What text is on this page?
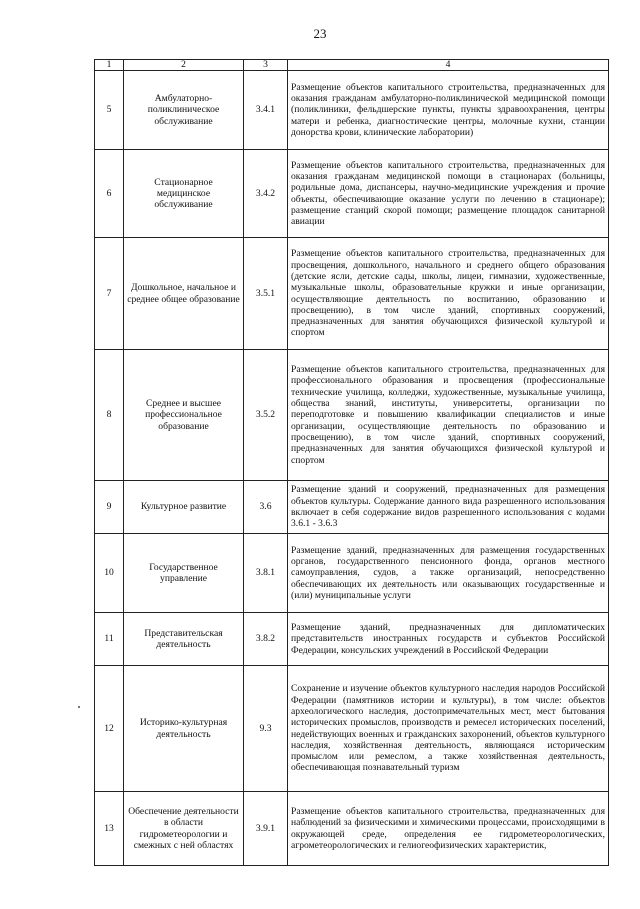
23
1	2	3	4
5	Амбулаторно-поликлиническое обслуживание	3.4.1	Размещение объектов капитального строительства, предназначенных для оказания гражданам амбулаторно-поликлинической медицинской помощи (поликлиники, фельдшерские пункты, пункты здравоохранения, центры матери и ребенка, диагностические центры, молочные кухни, станции донорства крови, клинические лаборатории)
6	Стационарное медицинское обслуживание	3.4.2	Размещение объектов капитального строительства, предназначенных для оказания гражданам медицинской помощи в стационарах (больницы, родильные дома, диспансеры, научно-медицинские учреждения и прочие объекты, обеспечивающие оказание услуги по лечению в стационаре); размещение станций скорой помощи; размещение площадок санитарной авиации
7	Дошкольное, начальное и среднее общее образование	3.5.1	Размещение объектов капитального строительства, предназначенных для просвещения, дошкольного, начального и среднего общего образования (детские ясли, детские сады, школы, лицеи, гимназии, художественные, музыкальные школы, образовательные кружки и иные организации, осуществляющие деятельность по воспитанию, образованию и просвещению), в том числе зданий, спортивных сооружений, предназначенных для занятия обучающихся физической культурой и спортом
8	Среднее и высшее профессиональное образование	3.5.2	Размещение объектов капитального строительства, предназначенных для профессионального образования и просвещения (профессиональные технические училища, колледжи, художественные, музыкальные училища, общества знаний, институты, университеты, организации по переподготовке и повышению квалификации специалистов и иные организации, осуществляющие деятельность по образованию и просвещению), в том числе зданий, спортивных сооружений, предназначенных для занятия обучающихся физической культурой и спортом
9	Культурное развитие	3.6	Размещение зданий и сооружений, предназначенных для размещения объектов культуры. Содержание данного вида разрешенного использования включает в себя содержание видов разрешенного использования с кодами 3.6.1 - 3.6.3
10	Государственное управление	3.8.1	Размещение зданий, предназначенных для размещения государственных органов, государственного пенсионного фонда, органов местного самоуправления, судов, а также организаций, непосредственно обеспечивающих их деятельность или оказывающих государственные и (или) муниципальные услуги
11	Представительская деятельность	3.8.2	Размещение зданий, предназначенных для дипломатических представительств иностранных государств и субъектов Российской Федерации, консульских учреждений в Российской Федерации
12	Историко-культурная деятельность	9.3	Сохранение и изучение объектов культурного наследия народов Российской Федерации (памятников истории и культуры), в том числе: объектов археологического наследия, достопримечательных мест, мест бытования исторических промыслов, производств и ремесел исторических поселений, недействующих военных и гражданских захоронений, объектов культурного наследия, хозяйственная деятельность, являющаяся историческим промыслом или ремеслом, а также хозяйственная деятельность, обеспечивающая познавательный туризм
13	Обеспечение деятельности в области гидрометеорологии и смежных с ней областях	3.9.1	Размещение объектов капитального строительства, предназначенных для наблюдений за физическими и химическими процессами, происходящими в окружающей среде, определения ее гидрометеорологических, агрометеорологических и гелиогеофизических характеристик,
